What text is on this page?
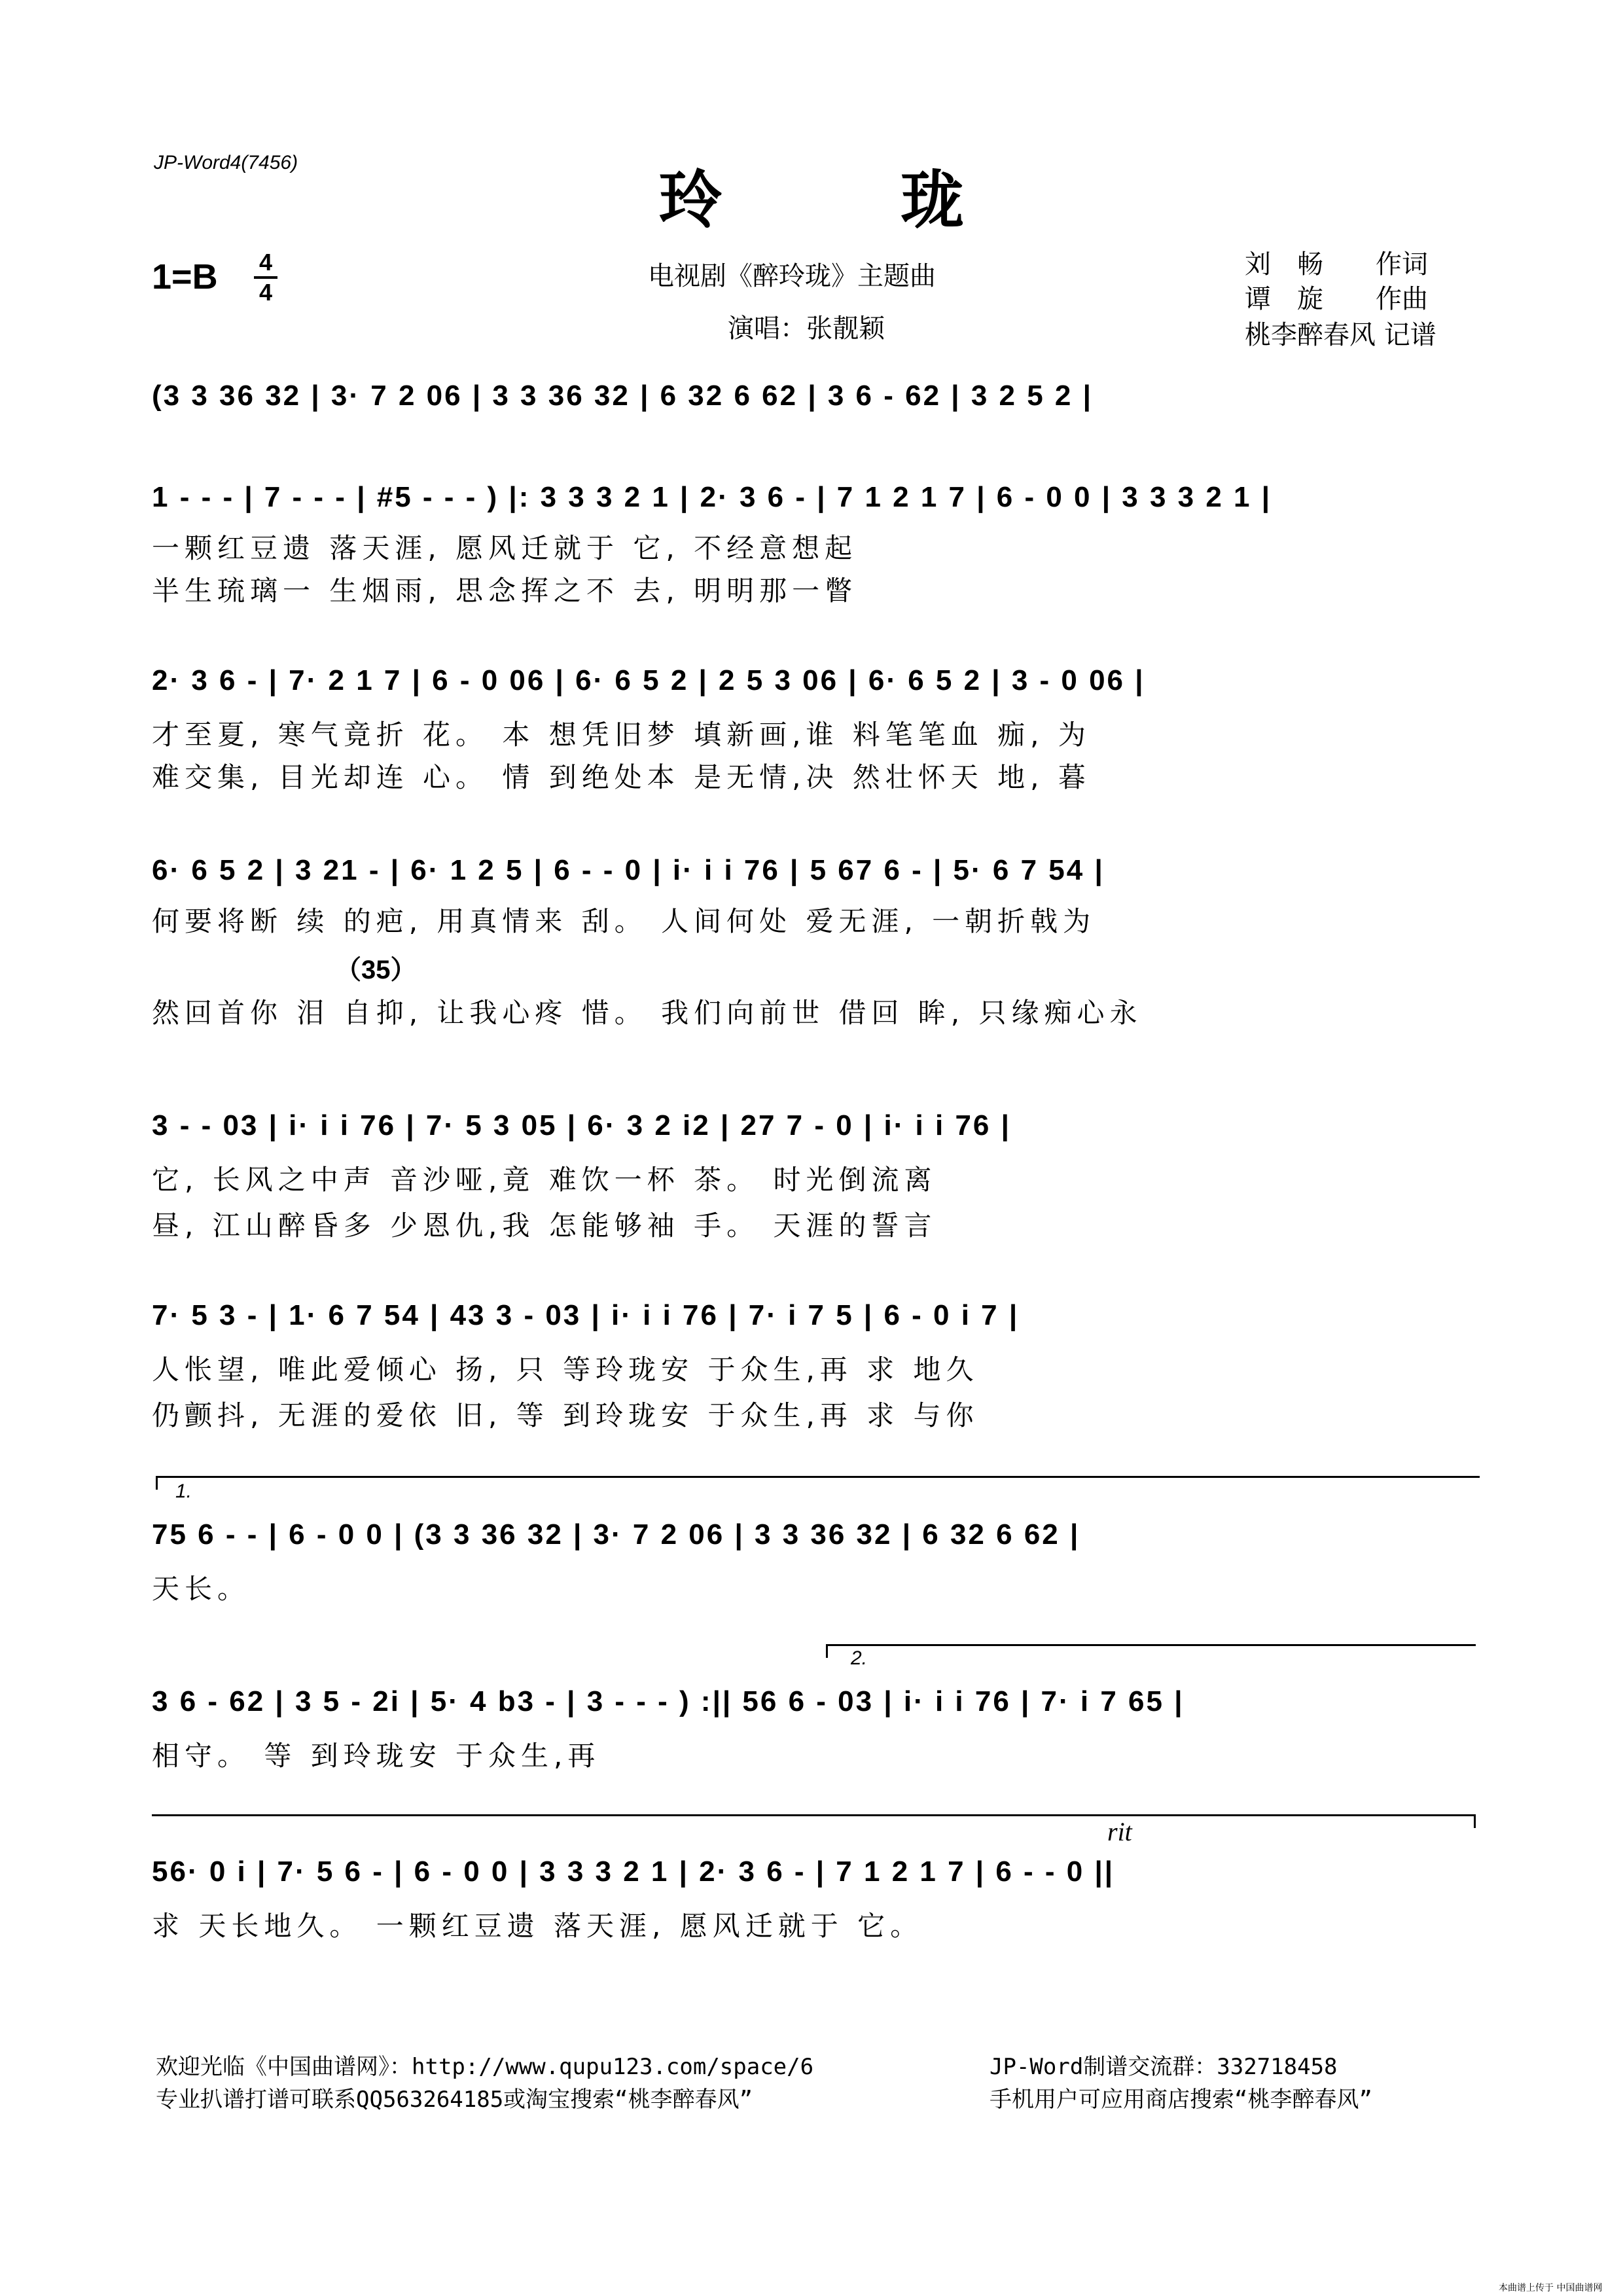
JP-Word4(7456)
玲 珑
1=B 4
4
电视剧《醉玲珑》主题曲
演唱：张靓颖
刘畅 作词
谭旋 作曲
桃李醉春风 记谱
(3 3 36 32 | 3· 7 2 06 | 3 3 36 32 | 6 32 6 62 | 3 6 - 62 | 3 2 5 2 |
1 - - - | 7 - - - | #5 - - - ) |: 3 3 3 2 1 | 2· 3 6 - | 7 1 2 1 7 | 6 - 0 0 | 3 3 3 2 1 |
一颗红豆遗 落天涯, 愿风迁就于 它, 不经意想起
半生琉璃一 生烟雨, 思念挥之不 去, 明明那一瞥
2· 3 6 - | 7· 2 1 7 | 6 - 0 06 | 6· 6 5 2 | 2 5 3 06 | 6· 6 5 2 | 3 - 0 06 |
才至夏, 寒气竟折 花。 本 想凭旧梦 填新画,谁 料笔笔血 痂, 为
难交集, 目光却连 心。 情 到绝处本 是无情,决 然壮怀天 地, 暮
6· 6 5 2 | 3 21 - | 6· 1 2 5 | 6 - - 0 | i· i i 76 | 5 67 6 - | 5· 6 7 54 |
何要将断 续 的疤, 用真情来 刮。 人间何处 爱无涯, 一朝折戟为
（35）
然回首你 泪 自抑, 让我心疼 惜。 我们向前世 借回 眸, 只缘痴心永
3 - - 03 | i· i i 76 | 7· 5 3 05 | 6· 3 2 i2 | 27 7 - 0 | i· i i 76 |
它, 长风之中声 音沙哑,竟 难饮一杯 茶。 时光倒流离
昼, 江山醉昏多 少恩仇,我 怎能够袖 手。 天涯的誓言
7· 5 3 - | 1· 6 7 54 | 43 3 - 03 | i· i i 76 | 7· i 7 5 | 6 - 0 i 7 |
人怅望, 唯此爱倾心 扬, 只 等玲珑安 于众生,再 求 地久
仍颤抖, 无涯的爱依 旧, 等 到玲珑安 于众生,再 求 与你
1.
75 6 - - | 6 - 0 0 | (3 3 36 32 | 3· 7 2 06 | 3 3 36 32 | 6 32 6 62 |
天长。
2.
3 6 - 62 | 3 5 - 2i | 5· 4 b3 - | 3 - - - ) :|| 56 6 - 03 | i· i i 76 | 7· i 7 65 |
相守。 等 到玲珑安 于众生,再
rit
56· 0 i | 7· 5 6 - | 6 - 0 0 | 3 3 3 2 1 | 2· 3 6 - | 7 1 2 1 7 | 6 - - 0 ||
求 天长地久。 一颗红豆遗 落天涯, 愿风迁就于 它。
欢迎光临《中国曲谱网》：http://www.qupu123.com/space/6
专业扒谱打谱可联系QQ563264185或淘宝搜索“桃李醉春风”
JP-Word制谱交流群：332718458
手机用户可应用商店搜索“桃李醉春风”
本曲谱上传于 中国曲谱网
